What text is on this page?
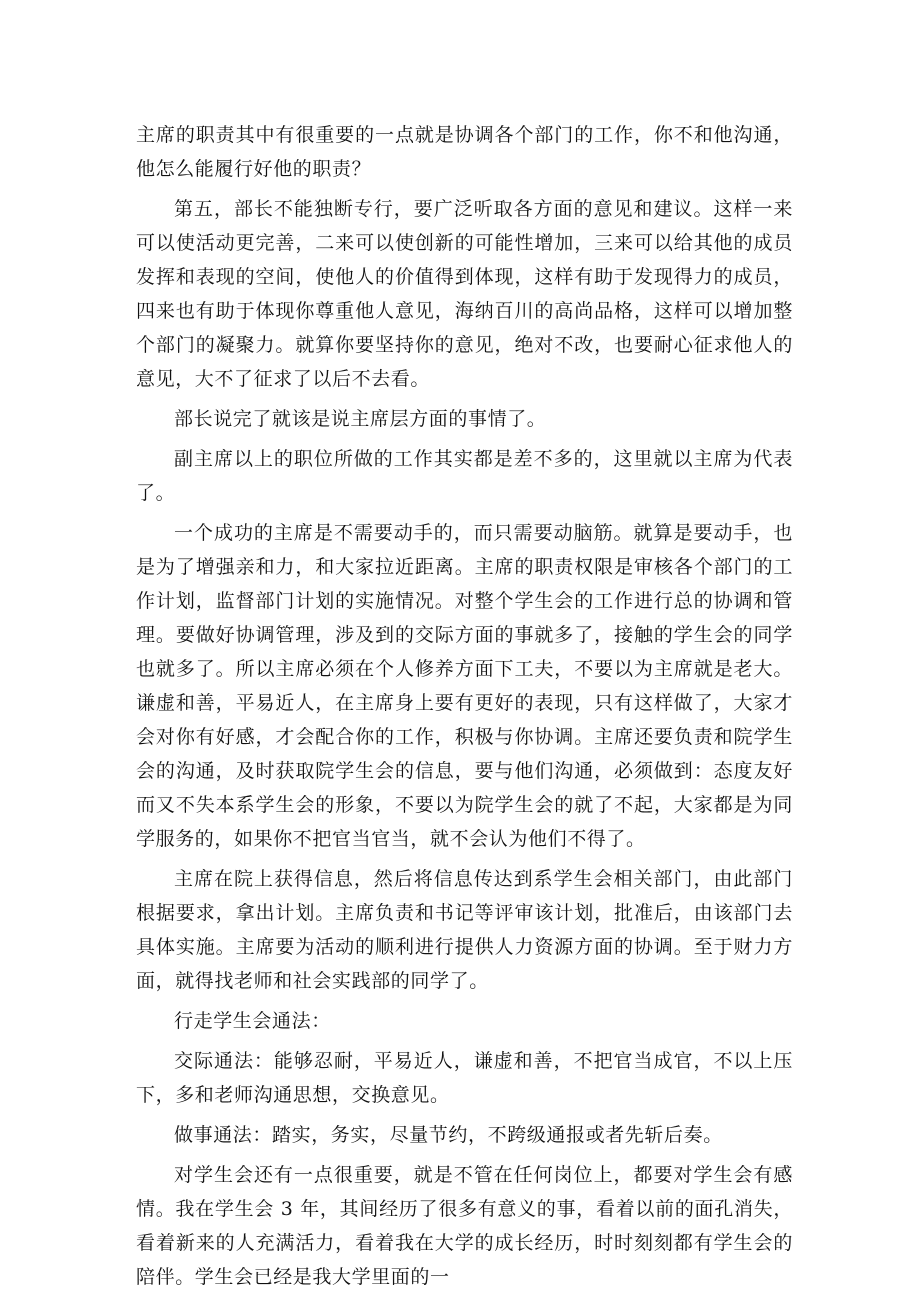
主席的职责其中有很重要的一点就是协调各个部门的工作，你不和他沟通，他怎么能履行好他的职责？

第五，部长不能独断专行，要广泛听取各方面的意见和建议。这样一来可以使活动更完善，二来可以使创新的可能性增加，三来可以给其他的成员发挥和表现的空间，使他人的价值得到体现，这样有助于发现得力的成员，四来也有助于体现你尊重他人意见，海纳百川的高尚品格，这样可以增加整个部门的凝聚力。就算你要坚持你的意见，绝对不改，也要耐心征求他人的意见，大不了征求了以后不去看。

部长说完了就该是说主席层方面的事情了。

副主席以上的职位所做的工作其实都是差不多的，这里就以主席为代表了。

一个成功的主席是不需要动手的，而只需要动脑筋。就算是要动手，也是为了增强亲和力，和大家拉近距离。主席的职责权限是审核各个部门的工作计划，监督部门计划的实施情况。对整个学生会的工作进行总的协调和管理。要做好协调管理，涉及到的交际方面的事就多了，接触的学生会的同学也就多了。所以主席必须在个人修养方面下工夫，不要以为主席就是老大。谦虚和善，平易近人，在主席身上要有更好的表现，只有这样做了，大家才会对你有好感，才会配合你的工作，积极与你协调。主席还要负责和院学生会的沟通，及时获取院学生会的信息，要与他们沟通，必须做到：态度友好而又不失本系学生会的形象，不要以为院学生会的就了不起，大家都是为同学服务的，如果你不把官当官当，就不会认为他们不得了。

主席在院上获得信息，然后将信息传达到系学生会相关部门，由此部门根据要求，拿出计划。主席负责和书记等评审该计划，批准后，由该部门去具体实施。主席要为活动的顺利进行提供人力资源方面的协调。至于财力方面，就得找老师和社会实践部的同学了。

行走学生会通法：

交际通法：能够忍耐，平易近人，谦虚和善，不把官当成官，不以上压下，多和老师沟通思想，交换意见。

做事通法：踏实，务实，尽量节约，不跨级通报或者先斩后奏。

对学生会还有一点很重要，就是不管在任何岗位上，都要对学生会有感情。我在学生会 3 年，其间经历了很多有意义的事，看着以前的面孔消失，看着新来的人充满活力，看着我在大学的成长经历，时时刻刻都有学生会的陪伴。学生会已经是我大学里面的一
